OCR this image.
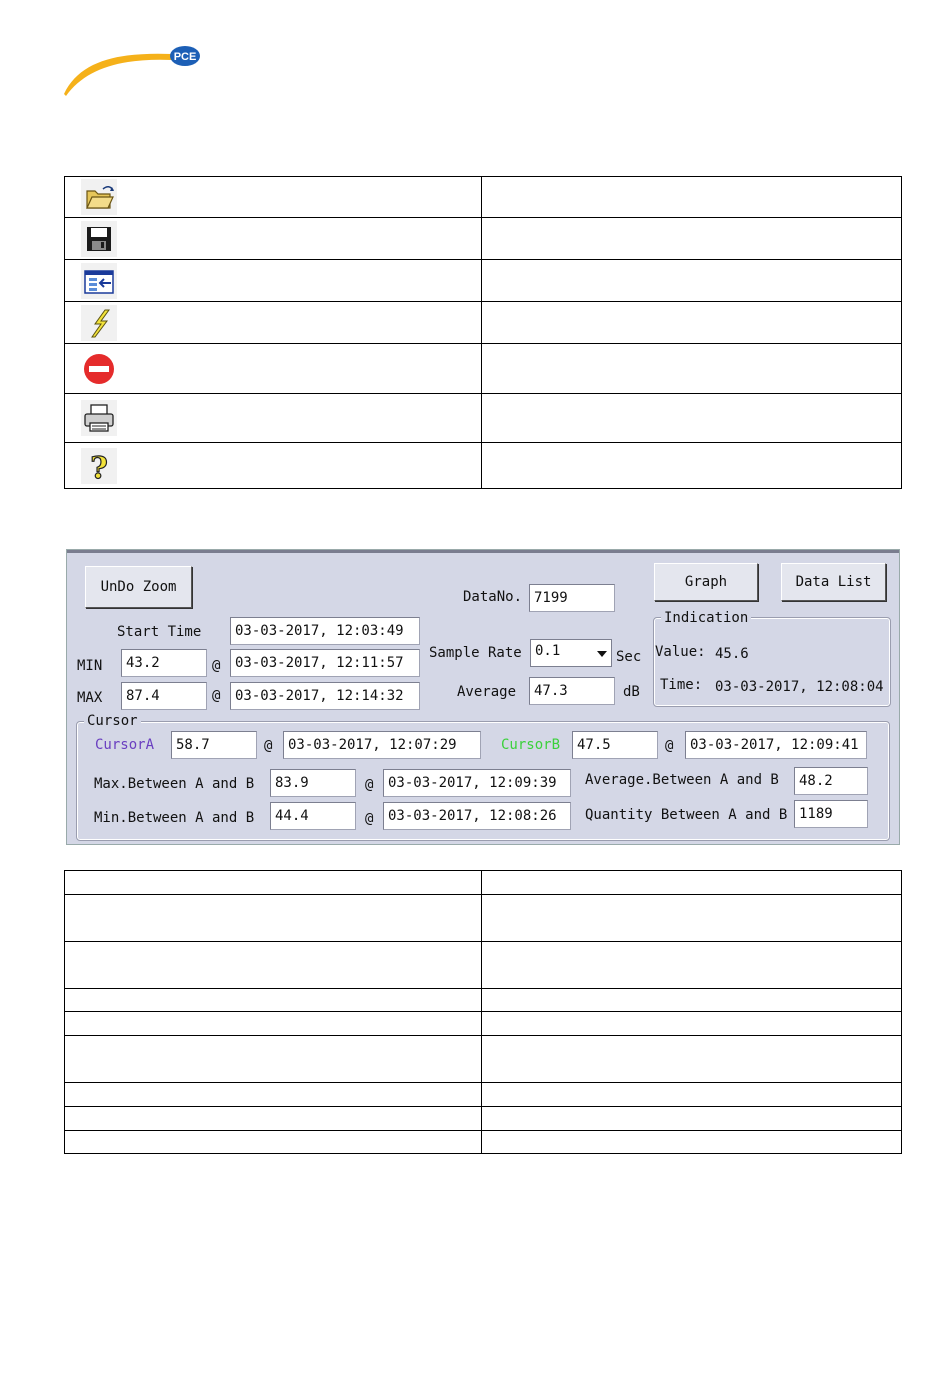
PCE

?	

UnDo Zoom	Graph	Data List
DataNo. 7199
Start Time	03-03-2017, 12:03:49
MIN	43.2	@	03-03-2017, 12:11:57
MAX	87.4	@	03-03-2017, 12:14:32
Sample Rate 0.1	Sec
Average	47.3	dB
Indication
Value: 45.6
Time: 03-03-2017, 12:08:04
Cursor
CursorA	58.7	@	03-03-2017, 12:07:29	CursorB	47.5	@	03-03-2017, 12:09:41
Max.Between A and B	83.9	@	03-03-2017, 12:09:39
Min.Between A and B	44.4	@	03-03-2017, 12:08:26
Average.Between A and B	48.2
Quantity Between A and B 1189
